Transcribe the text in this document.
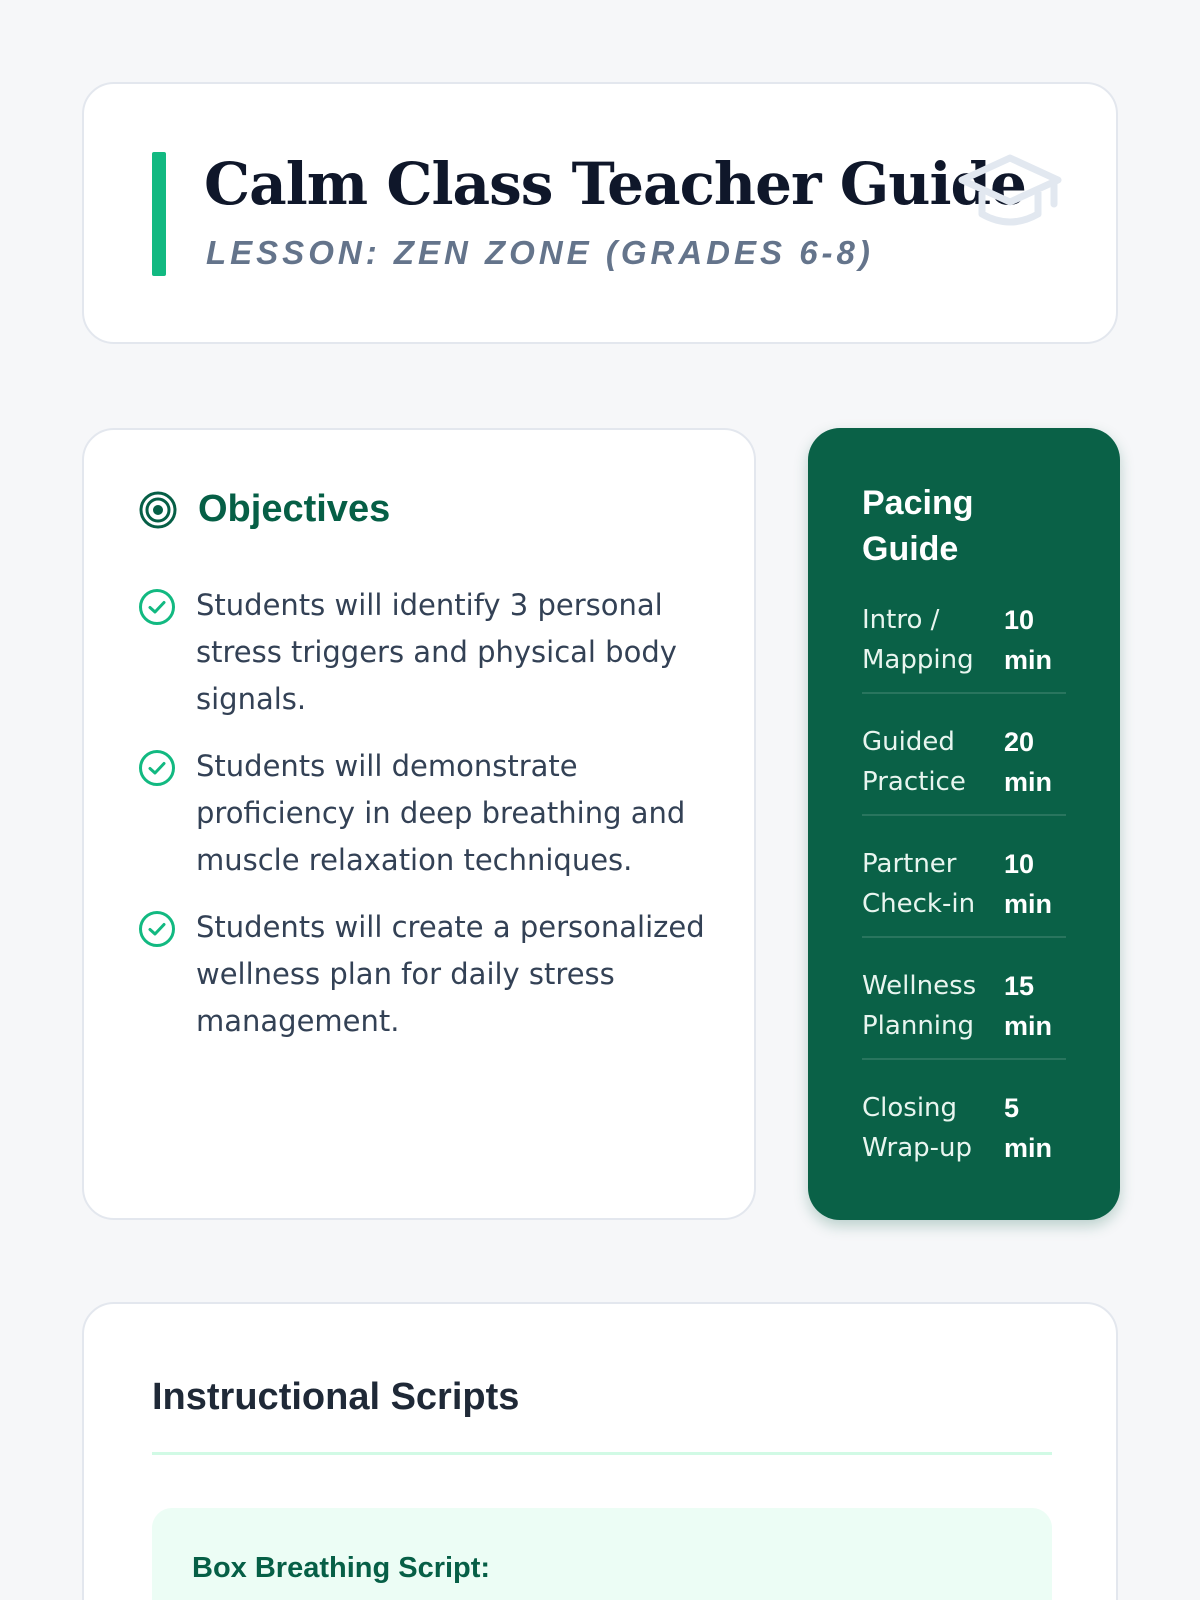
Calm Class Teacher Guide
LESSON: ZEN ZONE (GRADES 6-8)
Objectives
Students will identify 3 personal stress triggers and physical body signals.
Students will demonstrate proficiency in deep breathing and muscle relaxation techniques.
Students will create a personalized wellness plan for daily stress management.
Pacing Guide
Intro / Mapping
10 min
Guided Practice
20 min
Partner Check-in
10 min
Wellness Planning
15 min
Closing Wrap-up
5 min
Instructional Scripts
Box Breathing Script:
